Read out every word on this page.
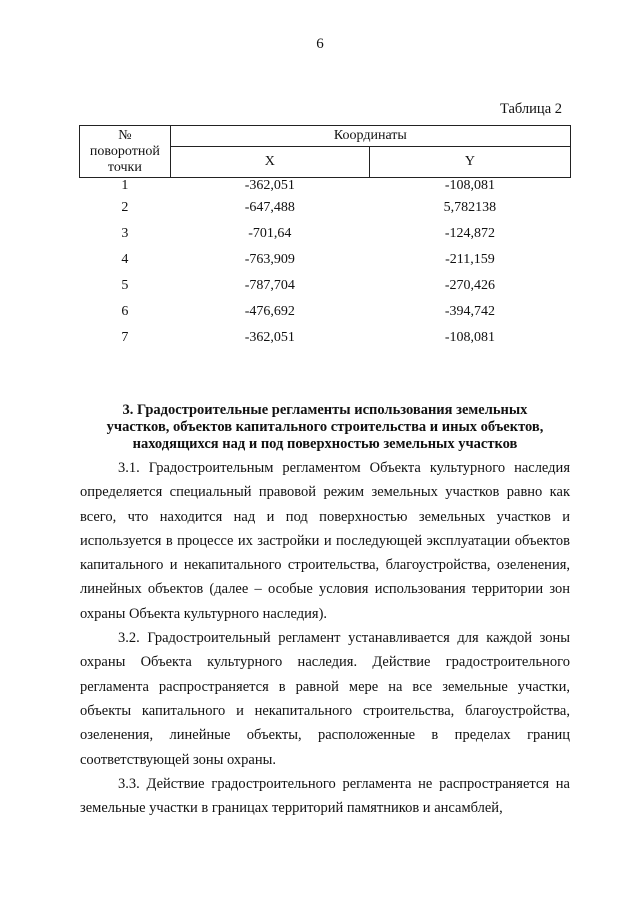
6
Таблица 2
№
поворотной
точки	Координаты	
	X	Y
1	-362,051	-108,081
2	-647,488	5,782138
3	-701,64	-124,872
4	-763,909	-211,159
5	-787,704	-270,426
6	-476,692	-394,742
7	-362,051	-108,081
3. Градостроительные регламенты использования земельных
участков, объектов капитального строительства и иных объектов,
находящихся над и под поверхностью земельных участков

3.1. Градостроительным регламентом Объекта культурного наследия определяется специальный правовой режим земельных участков равно как всего, что находится над и под поверхностью земельных участков и используется в процессе их застройки и последующей эксплуатации объектов капитального и некапитального строительства, благоустройства, озеленения, линейных объектов (далее – особые условия использования территории зон охраны Объекта культурного наследия).

3.2. Градостроительный регламент устанавливается для каждой зоны охраны Объекта культурного наследия. Действие градостроительного регламента распространяется в равной мере на все земельные участки, объекты капитального и некапитального строительства, благоустройства, озеленения, линейные объекты, расположенные в пределах границ соответствующей зоны охраны.

3.3. Действие градостроительного регламента не распространяется на земельные участки в границах территорий памятников и ансамблей,
